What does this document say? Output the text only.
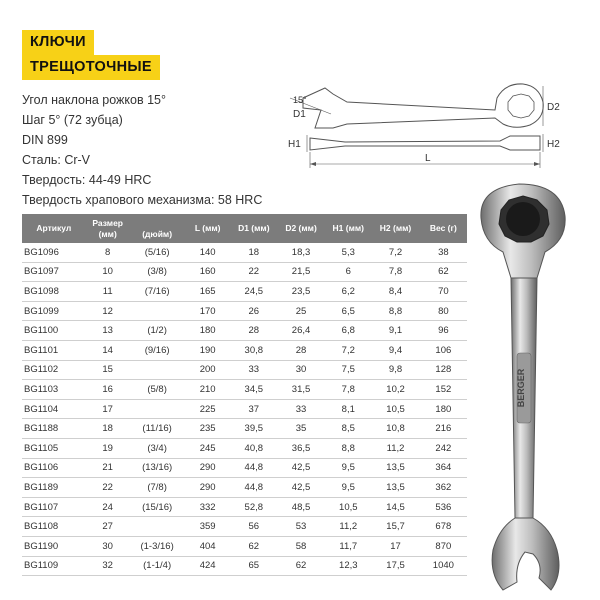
КЛЮЧИ
ТРЕЩОТОЧНЫЕ
Угол наклона рожков 15°
Шаг 5° (72 зубца)
DIN 899
Сталь: Cr-V
Твердость: 44-49 HRC
Твердость храпового механизма: 58 HRC
D2
15°
D1
H1	H2
L
Артикул	Размер
(мм)	(дюйм)	L (мм)	D1 (мм)	D2 (мм)	H1 (мм)	H2 (мм)	Вес (г)
BG1096	8	(5/16)	140	18	18,3	5,3	7,2	38
BG1097	10	(3/8)	160	22	21,5	6	7,8	62
BG1098	11	(7/16)	165	24,5	23,5	6,2	8,4	70
BG1099	12		170	26	25	6,5	8,8	80
BG1100	13	(1/2)	180	28	26,4	6,8	9,1	96
BG1101	14	(9/16)	190	30,8	28	7,2	9,4	106
BG1102	15		200	33	30	7,5	9,8	128
BG1103	16	(5/8)	210	34,5	31,5	7,8	10,2	152
BG1104	17		225	37	33	8,1	10,5	180
BG1188	18	(11/16)	235	39,5	35	8,5	10,8	216
BG1105	19	(3/4)	245	40,8	36,5	8,8	11,2	242
BG1106	21	(13/16)	290	44,8	42,5	9,5	13,5	364
BG1189	22	(7/8)	290	44,8	42,5	9,5	13,5	362
BG1107	24	(15/16)	332	52,8	48,5	10,5	14,5	536
BG1108	27		359	56	53	11,2	15,7	678
BG1190	30	(1-3/16)	404	62	58	11,7	17	870
BG1109	32	(1-1/4)	424	65	62	12,3	17,5	1040
BERGER
